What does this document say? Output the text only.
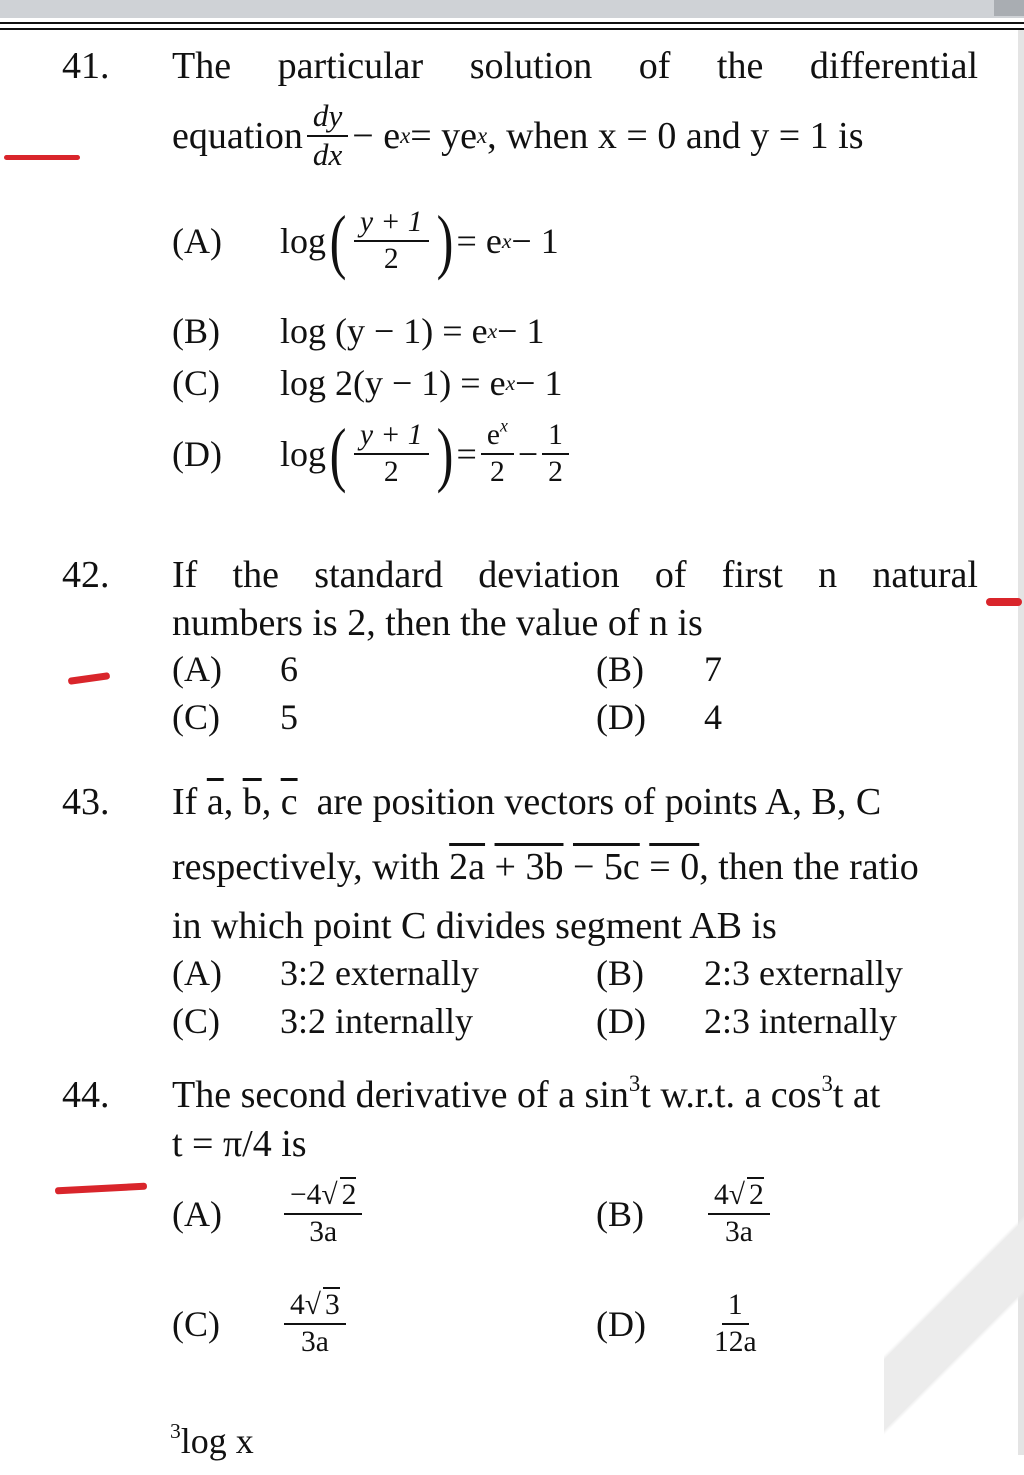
41. The particular solution of the differential
equation $\frac{dy}{dx} - e$ x = ye x , when x = 0 and y = 1 is
(A)	log ( $\frac{y + 1}{2}$ ) = e x − 1
(B)	log (y − 1) = e x − 1
(C)	log 2(y − 1) = e x − 1
(D)	log ( $\frac{y + 1}{2}$ ) = $\frac{e^x}{2} - \frac{1}{2}$
42. If the standard deviation of first n natural
numbers is 2, then the value of n is
(A)	6	(B)	7
(C)	5	(D)	4
43. If $\overline{a}$, $\overline{b}$, $\overline{c}$ are position vectors of points A, B, C
respectively, with 2a + 3b − 5c = 0, then the ratio
in which point C divides segment AB is
(A)	3:2 externally	(B)	2:3 externally
(C)	3:2 internally	(D)	2:3 internally
44. The second derivative of a $\sin^3t$ w.r.t. a $\cos^3t$ at
t = π/4 is
(A)	$\frac{-4√ 2}{3a}$	(B)	$\frac{4√ 2}{3a}$
(C)	$\frac{4√ 3}{3a}$	(D)	$\frac{1}{12a}$
$^3$log x
